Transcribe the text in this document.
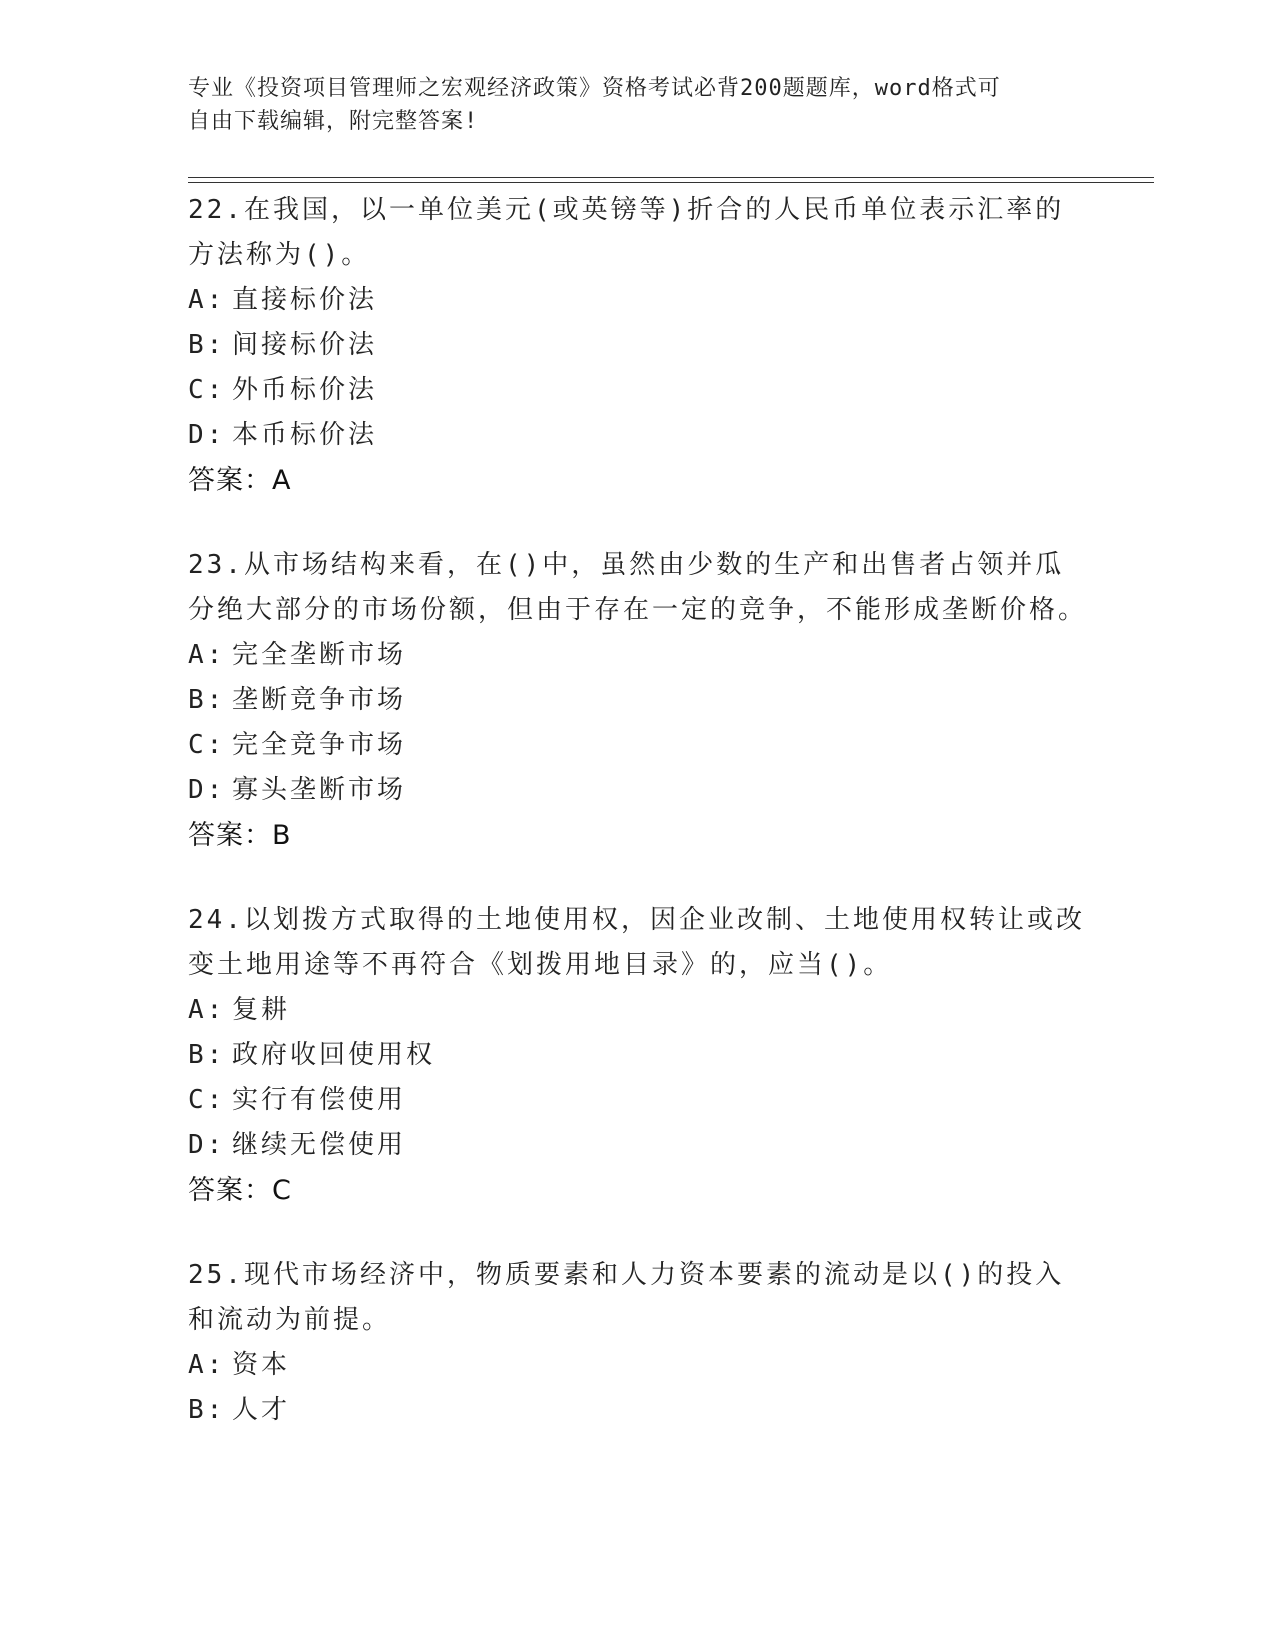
专业《投资项目管理师之宏观经济政策》资格考试必背200题题库，word格式可
自由下载编辑，附完整答案!

22.在我国，以一单位美元(或英镑等)折合的人民币单位表示汇率的方法称为()。

A: 直接标价法
B: 间接标价法
C: 外币标价法
D: 本币标价法

答案：A

23.从市场结构来看，在()中，虽然由少数的生产和出售者占领并瓜分绝大部分的市场份额，但由于存在一定的竞争，不能形成垄断价格。

A: 完全垄断市场
B: 垄断竞争市场
C: 完全竞争市场
D: 寡头垄断市场

答案：B

24.以划拨方式取得的土地使用权，因企业改制、土地使用权转让或改变土地用途等不再符合《划拨用地目录》的，应当()。

A: 复耕
B: 政府收回使用权
C: 实行有偿使用
D: 继续无偿使用

答案：C

25.现代市场经济中，物质要素和人力资本要素的流动是以()的投入和流动为前提。

A: 资本
B: 人才
